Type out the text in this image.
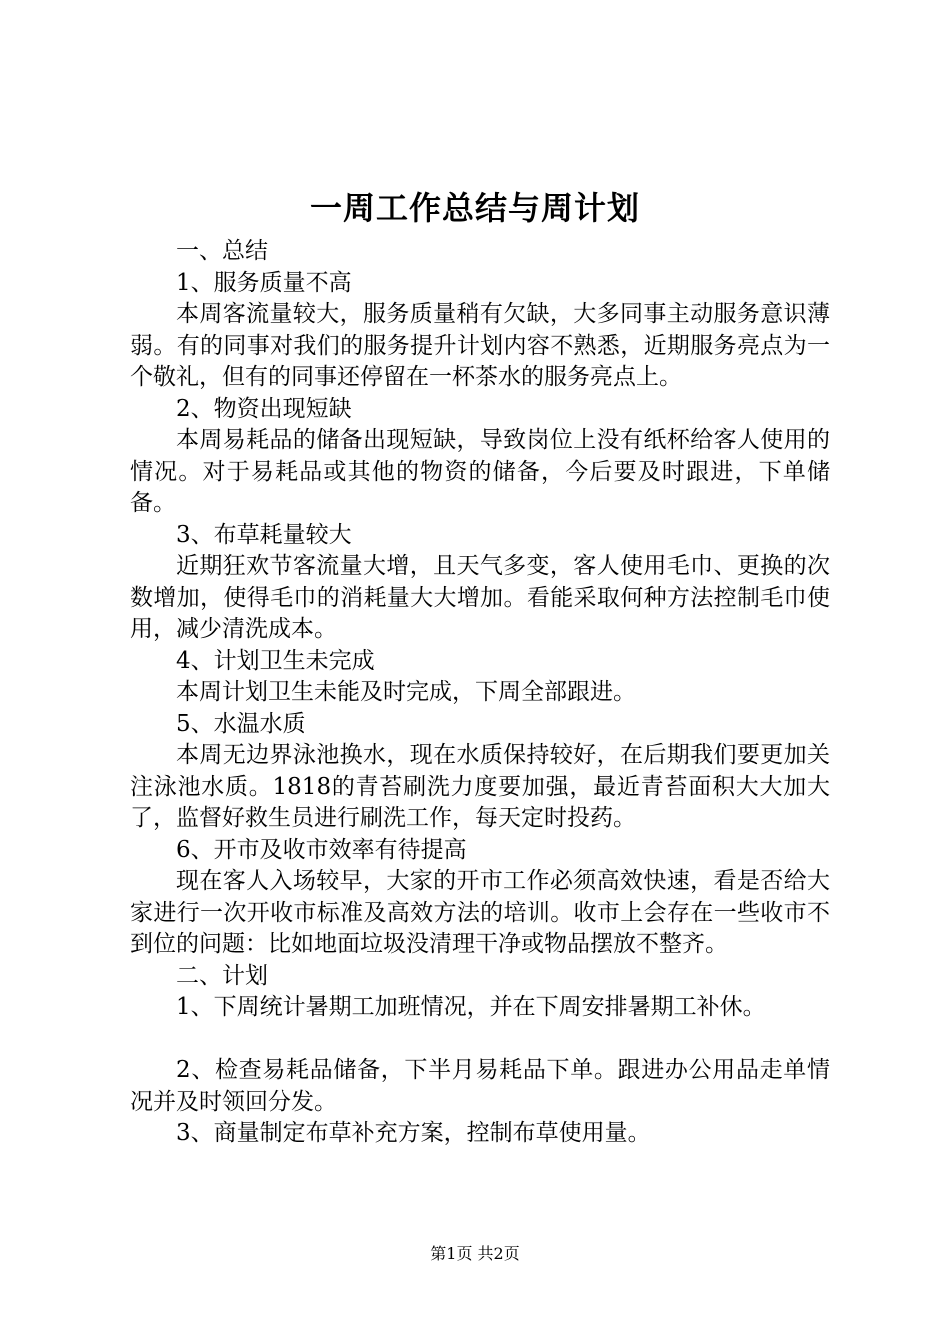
一周工作总结与周计划

一、总结

1、服务质量不高

本周客流量较大，服务质量稍有欠缺，大多同事主动服务意识薄弱。有的同事对我们的服务提升计划内容不熟悉，近期服务亮点为一个敬礼，但有的同事还停留在一杯茶水的服务亮点上。

2、物资出现短缺

本周易耗品的储备出现短缺，导致岗位上没有纸杯给客人使用的情况。对于易耗品或其他的物资的储备，今后要及时跟进，下单储备。

3、布草耗量较大

近期狂欢节客流量大增，且天气多变，客人使用毛巾、更换的次数增加，使得毛巾的消耗量大大增加。看能采取何种方法控制毛巾使用，减少清洗成本。

4、计划卫生未完成

本周计划卫生未能及时完成，下周全部跟进。

5、水温水质

本周无边界泳池换水，现在水质保持较好，在后期我们要更加关注泳池水质。1818的青苔刷洗力度要加强，最近青苔面积大大加大了，监督好救生员进行刷洗工作，每天定时投药。

6、开市及收市效率有待提高

现在客人入场较早，大家的开市工作必须高效快速，看是否给大家进行一次开收市标准及高效方法的培训。收市上会存在一些收市不到位的问题：比如地面垃圾没清理干净或物品摆放不整齐。

二、计划

1、下周统计暑期工加班情况，并在下周安排暑期工补休。

2、检查易耗品储备，下半月易耗品下单。跟进办公用品走单情况并及时领回分发。

3、商量制定布草补充方案，控制布草使用量。

第1页 共2页
